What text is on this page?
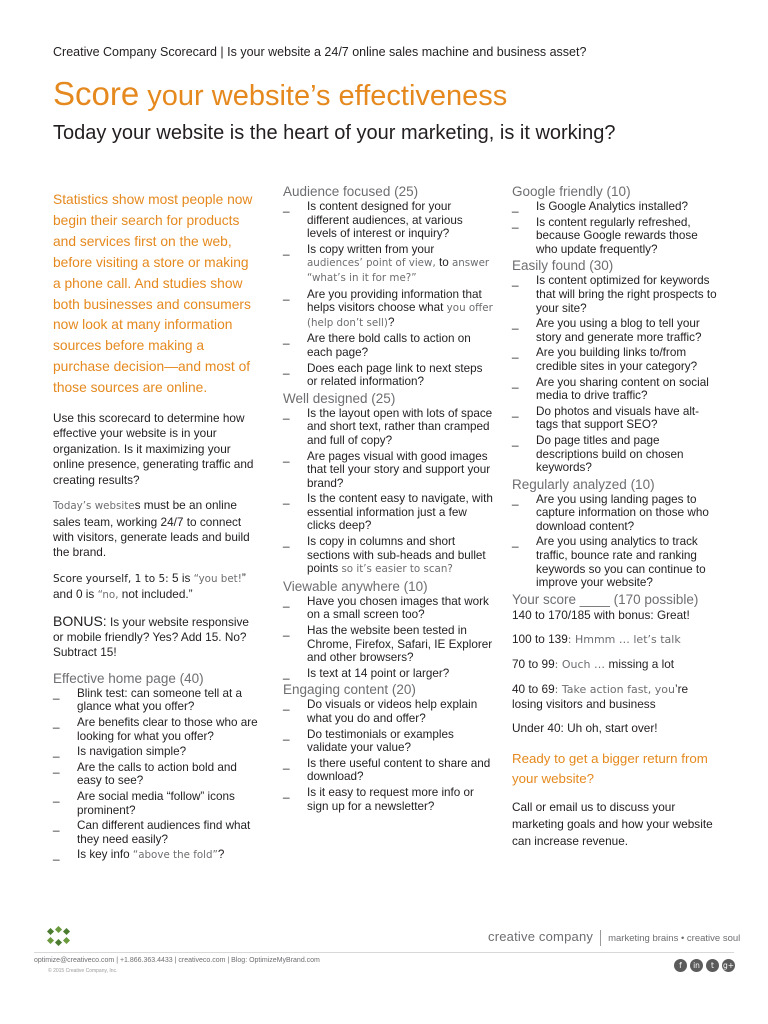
Creative Company Scorecard | Is your website a 24/7 online sales machine and business asset?
Score your website’s effectiveness
Today your website is the heart of your marketing, is it working?

Statistics show most people now begin their search for products and services first on the web, before visiting a store or making a phone call. And studies show both businesses and consumers now look at many information sources before making a purchase decision—and most of those sources are online.

Use this scorecard to determine how effective your website is in your organization. Is it maximizing your online presence, generating traffic and creating results?

Today’s websites must be an online sales team, working 24/7 to connect with visitors, generate leads and build the brand.

Score yourself, 1 to 5: 5 is “you bet!” and 0 is “no, not included.”

BONUS: Is your website responsive or mobile friendly? Yes? Add 15. No? Subtract 15!

Effective home page (40)

_ Blink test: can someone tell at a glance what you offer?
_ Are benefits clear to those who are looking for what you offer?
_ Is navigation simple?
_ Are the calls to action bold and easy to see?
_ Are social media “follow” icons prominent?
_ Can different audiences find what they need easily?
_ Is key info “above the fold”?

Audience focused (25)

_ Is content designed for your different audiences, at various levels of interest or inquiry?
_ Is copy written from your audiences’ point of view, to answer “what’s in it for me?”
_ Are you providing information that helps visitors choose what you offer (help don’t sell)?
_ Are there bold calls to action on each page?
_ Does each page link to next steps or related information?

Well designed (25)

_ Is the layout open with lots of space and short text, rather than cramped and full of copy?
_ Are pages visual with good images that tell your story and support your brand?
_ Is the content easy to navigate, with essential information just a few clicks deep?
_ Is copy in columns and short sections with sub-heads and bullet points so it’s easier to scan?

Viewable anywhere (10)

_ Have you chosen images that work on a small screen too?
_ Has the website been tested in Chrome, Firefox, Safari, IE Explorer and other browsers?
_ Is text at 14 point or larger?

Engaging content (20)

_ Do visuals or videos help explain what you do and offer?
_ Do testimonials or examples validate your value?
_ Is there useful content to share and download?
_ Is it easy to request more info or sign up for a newsletter?

Google friendly (10)

_ Is Google Analytics installed?
_ Is content regularly refreshed, because Google rewards those who update frequently?

Easily found (30)

_ Is content optimized for keywords that will bring the right prospects to your site?
_ Are you using a blog to tell your story and generate more traffic?
_ Are you building links to/from credible sites in your category?
_ Are you sharing content on social media to drive traffic?
_ Do photos and visuals have alt-tags that support SEO?
_ Do page titles and page descriptions build on chosen keywords?

Regularly analyzed (10)

_ Are you using landing pages to capture information on those who download content?
_ Are you using analytics to track traffic, bounce rate and ranking keywords so you can continue to improve your website?

Your score ____ (170 possible)

140 to 170/185 with bonus: Great!

100 to 139: Hmmm … let’s talk

70 to 99: Ouch … missing a lot

40 to 69: Take action fast, you’re losing visitors and business

Under 40: Uh oh, start over!

Ready to get a bigger return from your website?

Call or email us to discuss your marketing goals and how your website can increase revenue.

creative company marketing brains • creative soul
optimize@creativeco.com | +1.866.363.4433 | creativeco.com | Blog: OptimizeMyBrand.com
© 2015 Creative Company, Inc.
f	in	t	g+
